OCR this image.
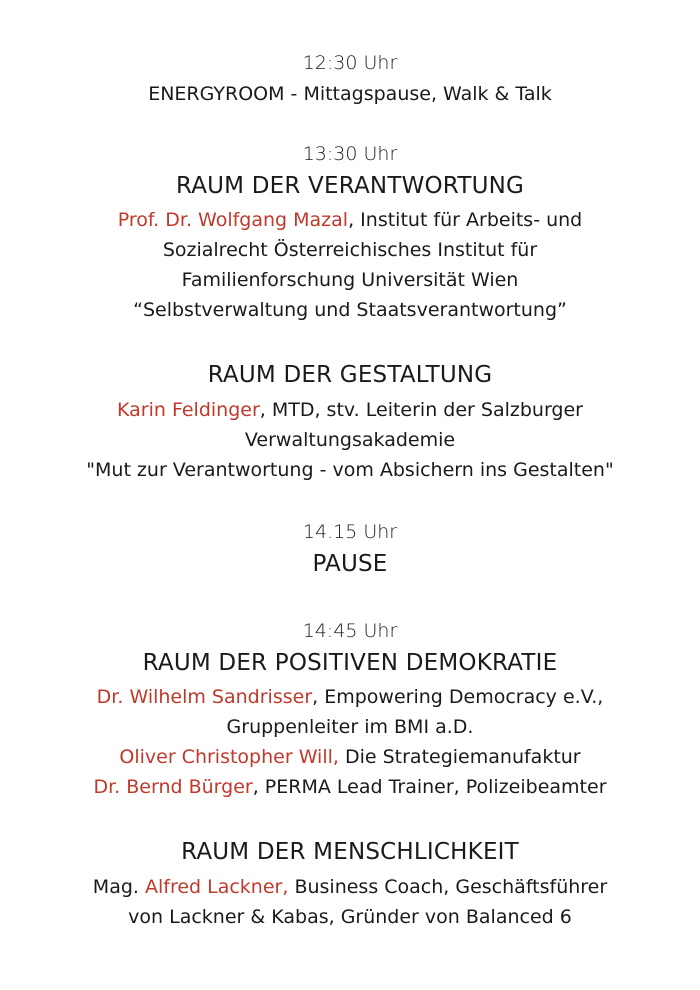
12:30 Uhr
ENERGYROOM - Mittagspause, Walk & Talk
13:30 Uhr
RAUM DER VERANTWORTUNG
Prof. Dr. Wolfgang Mazal, Institut für Arbeits- und
Sozialrecht Österreichisches Institut für
Familienforschung Universität Wien
“Selbstverwaltung und Staatsverantwortung”
RAUM DER GESTALTUNG
Karin Feldinger, MTD, stv. Leiterin der Salzburger
Verwaltungsakademie
"Mut zur Verantwortung - vom Absichern ins Gestalten"
14.15 Uhr
PAUSE
14:45 Uhr
RAUM DER POSITIVEN DEMOKRATIE
Dr. Wilhelm Sandrisser, Empowering Democracy e.V.,
Gruppenleiter im BMI a.D.
Oliver Christopher Will, Die Strategiemanufaktur
Dr. Bernd Bürger, PERMA Lead Trainer, Polizeibeamter
RAUM DER MENSCHLICHKEIT
Mag. Alfred Lackner, Business Coach, Geschäftsführer
von Lackner & Kabas, Gründer von Balanced 6
